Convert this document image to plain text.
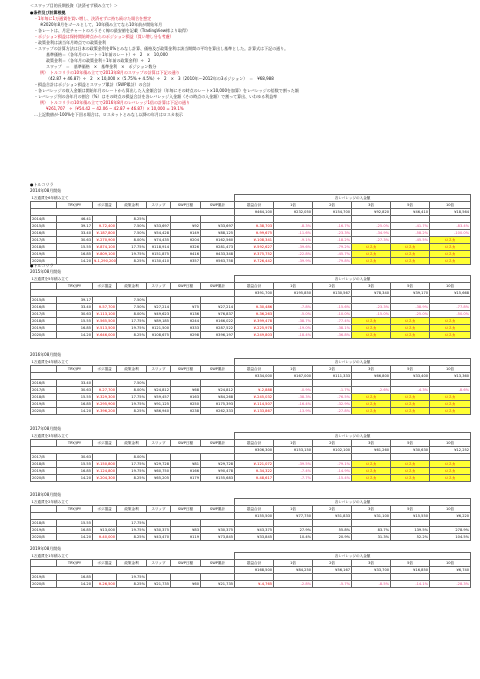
＜スワップ目的長期投資（決済せず積み立て）＞
●条件及び計算根拠
・1年毎に1万通貨を買い増し、決済せずに持ち続けた場合を想定
※2020年8月をゴールとして、10年積み立てなら10年前が開始年月
・各レートは、月足チャートのろうそく線の最安値を記載（TradingView様より取得）
・ポジション損益は保持開始時点からのポジション損益（買い増し分も考慮）
・政策金利は該当年月時点での政策金利
・スワップの計算方法は日本の政策金利を0%とみなし計算、価格及び政策金利は該当期間の平均を算出し基準とした。計算式は下記の通り。
基準価格＝（各年月のレート＋1年前のレート）÷　2　×　10,000
政策金利＝（各年月の政策金利＋1年前の政策金利）÷　2
スワップ　＝　基準価格　×　基準金利　×　ポジション数分
例）　トルコリラの10年積み立てで2013年8月のスワップの計算は下記の通り
（42.87 + 46.87）÷　2　× 10,000 ×（5.75% + 4.5%）÷　2　×　3（2010年〜2012年の3ポジション）　＝　¥68,988
・損益合計はポジション損益とスワップ累計（SWP累計）の合計
・各レバレッジの収入金額は開始年月のレートから算出した入金額合計（年毎にその時点のレート×10,000を加算）をレバレッジの倍数で割った額
・レバレッジ列の各年月の割合（%）はその時点の損益合計を各レバレッジ入金額（その時点の入金額）で割って算出、いわゆる利益率
例）　トルコリラの10年積み立てで2016年8月のレバレッジ1倍の計算は下記の通り
¥261,707　÷（¥54.42 − 42.06 − 42.87 + 46.87）× 10,000 = 19.1%
…上記数値が-100%を下回る場合は、ロスカットとみなし以降の年月はロスカ表示
●トルコリラ
2014年08月開始
1万通貨を6年積み立て							各レバレッジの入金額						
	TRY/JPY	ポジ損益	政策金利	スワップ	SWP日額	SWP累計	損益合計	1倍	2倍	3倍	5倍	10倍	
							¥464,100	¥232,050	¥154,700	¥92,820	¥46,410	¥18,564	
2014/8	46.41		8.25%										
2015/8	39.17	¥-72,400	7.50%	¥33,697	¥92	¥33,697	¥-38,703	-8.3%	-16.7%	-25.0%	-41.7%	-83.4%	
2016/8	33.40	¥-187,800	7.50%	¥54,428	¥149	¥88,125	¥-99,675	-11.6%	-23.3%	-34.9%	-58.2%	-100.0%	
2017/8	30.63	¥-270,900	8.00%	¥74,435	¥204	¥162,560	¥-108,341	-9.1%	-18.2%	-27.3%	-45.5%	ロスカ	
2018/8	15.55	¥-874,100	17.75%	¥118,914	¥326	¥281,473	¥-592,627	-39.6%	-79.2%	ロスカ	ロスカ	ロスカ	
2019/8	16.85	¥-809,100	19.75%	¥151,875	¥416	¥433,348	¥-375,752	-22.8%	-45.7%	ロスカ	ロスカ	ロスカ	
2020/8	14.20	¥-1,290,200	8.25%	¥130,410	¥357	¥563,758	¥-726,442	-39.9%	-79.8%	ロスカ	ロスカ	ロスカ	
●トルコリラ
2015年08月開始
1万通貨を5年積み立て							各レバレッジの入金額						
	TRY/JPY	ポジ損益	政策金利	スワップ	SWP日額	SWP累計	損益合計	1倍	2倍	3倍	5倍	10倍	
							¥391,700	¥195,850	¥130,567	¥78,340	¥39,170	¥15,668	
2015/8	39.17		7.50%										
2016/8	33.40	¥-57,700	7.50%	¥27,214	¥75	¥27,214	¥-30,486	-7.8%	-15.6%	-23.3%	-38.9%	-77.8%	
2017/8	30.63	¥-113,100	8.00%	¥49,623	¥136	¥76,837	¥-36,263	-5.0%	-10.0%	-15.0%	-25.0%	-50.0%	
2018/8	15.55	¥-565,500	17.75%	¥89,185	¥244	¥166,022	¥-399,478	-38.7%	-77.4%	ロスカ	ロスカ	ロスカ	
2019/8	16.85	¥-513,500	19.75%	¥121,500	¥333	¥287,522	¥-225,978	-19.0%	-38.1%	ロスカ	ロスカ	ロスカ	
2020/8	14.20	¥-646,000	8.25%	¥108,675	¥298	¥396,197	¥-249,803	-18.4%	-36.8%	ロスカ	ロスカ	ロスカ	
2016年08月開始
1万通貨を4年積み立て							各レバレッジの入金額						
	TRY/JPY	ポジ損益	政策金利	スワップ	SWP日額	SWP累計	損益合計	1倍	2倍	3倍	5倍	10倍	
							¥334,000	¥167,000	¥111,333	¥66,800	¥33,400	¥13,360	
2016/8	33.40		7.50%										
2017/8	30.63	¥-27,700	8.00%	¥24,812	¥68	¥24,812	¥-2,888	-0.9%	-1.7%	-2.6%	-4.3%	-8.6%	
2018/8	15.55	¥-329,300	17.75%	¥59,457	¥163	¥84,268	¥-245,032	-38.3%	-76.5%	ロスカ	ロスカ	ロスカ	
2019/8	16.85	¥-295,900	19.75%	¥91,125	¥250	¥175,393	¥-114,507	-16.4%	-32.9%	ロスカ	ロスカ	ロスカ	
2020/8	14.20	¥-396,200	8.25%	¥86,940	¥238	¥262,333	¥-133,867	-13.9%	-27.8%	ロスカ	ロスカ	ロスカ	
2017年08月開始
1万通貨を3年積み立て							各レバレッジの入金額						
	TRY/JPY	ポジ損益	政策金利	スワップ	SWP日額	SWP累計	損益合計	1倍	2倍	3倍	5倍	10倍	
							¥306,300	¥153,150	¥102,100	¥61,260	¥30,630	¥12,252	
2017/8	30.63		8.00%										
2018/8	15.55	¥-150,800	17.75%	¥29,728	¥81	¥29,728	¥-121,072	-39.5%	-79.1%	ロスカ	ロスカ	ロスカ	
2019/8	16.85	¥-124,800	19.75%	¥60,750	¥166	¥90,478	¥-34,322	-7.4%	-14.9%	ロスカ	ロスカ	ロスカ	
2020/8	14.20	¥-204,300	8.25%	¥65,205	¥179	¥155,683	¥-48,617	-7.7%	-15.4%	ロスカ	ロスカ	ロスカ	
2018年08月開始
1万通貨を2年積み立て							各レバレッジの入金額						
	TRY/JPY	ポジ損益	政策金利	スワップ	SWP日額	SWP累計	損益合計	1倍	2倍	3倍	5倍	10倍	
							¥155,500	¥77,750	¥51,833	¥31,100	¥15,550	¥6,220	
2018/8	15.55		17.75%										
2019/8	16.85	¥13,000	19.75%	¥30,375	¥83	¥30,375	¥43,375	27.9%	55.8%	83.7%	139.5%	278.9%	
2020/8	14.20	¥-40,000	8.25%	¥43,470	¥119	¥73,845	¥33,845	10.4%	20.9%	31.3%	52.2%	104.5%	
2019年08月開始
1万通貨を1年積み立て							各レバレッジの入金額						
	TRY/JPY	ポジ損益	政策金利	スワップ	SWP日額	SWP累計	損益合計	1倍	2倍	3倍	5倍	10倍	
							¥168,500	¥84,250	¥56,167	¥33,700	¥16,850	¥6,740	
2019/8	16.85		19.75%										
2020/8	14.20	¥-26,500	8.25%	¥21,735	¥60	¥21,735	¥-4,765	-2.8%	-5.7%	-8.5%	-14.1%	-28.3%	
